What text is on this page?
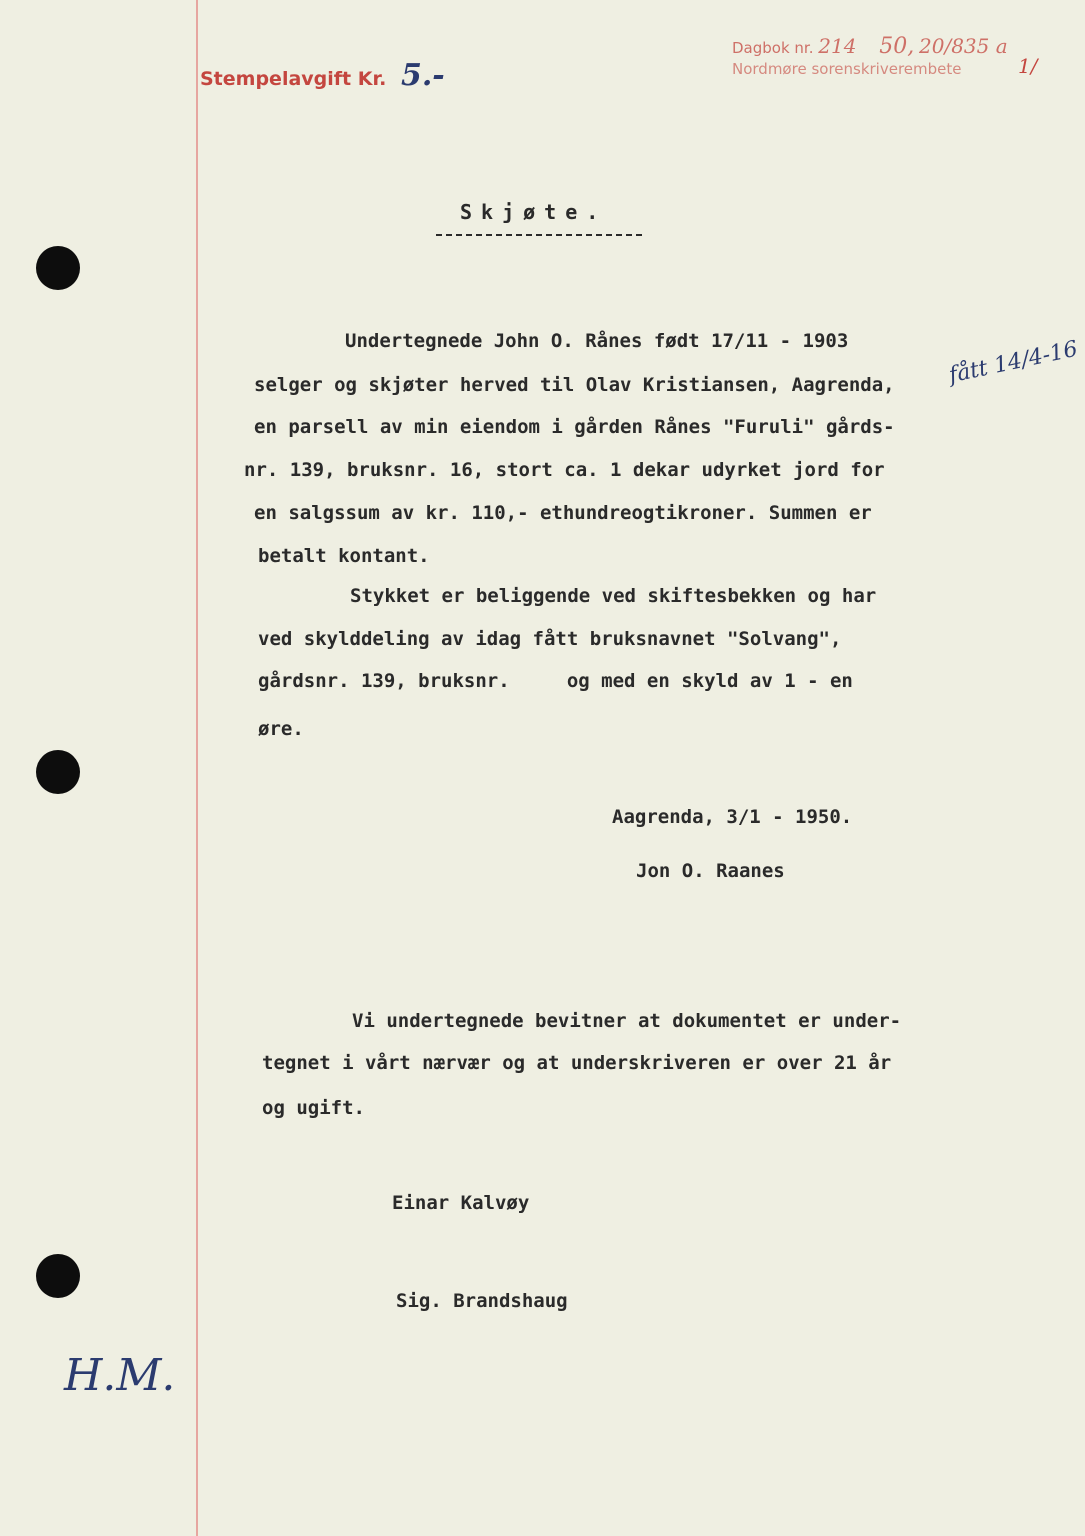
Stempelavgift Kr. 5.-
Dagbok nr. 214 50, 20/835 a
1/
Nordmøre sorenskriverembete
Skjøte.
fått 14/4-16
Undertegnede John O. Rånes født 17/11 - 1903
selger og skjøter herved til Olav Kristiansen, Aagrenda,
en parsell av min eiendom i gården Rånes "Furuli" gårds-
nr. 139, bruksnr. 16, stort ca. 1 dekar udyrket jord for
en salgssum av kr. 110,- ethundreogtikroner. Summen er
betalt kontant.
Stykket er beliggende ved skiftesbekken og har
ved skylddeling av idag fått bruksnavnet "Solvang",
gårdsnr. 139, bruksnr.     og med en skyld av 1 - en
øre.
Aagrenda, 3/1 - 1950.
Jon O. Raanes
Vi undertegnede bevitner at dokumentet er under-
tegnet i vårt nærvær og at underskriveren er over 21 år
og ugift.
Einar Kalvøy
Sig. Brandshaug
H.M.
